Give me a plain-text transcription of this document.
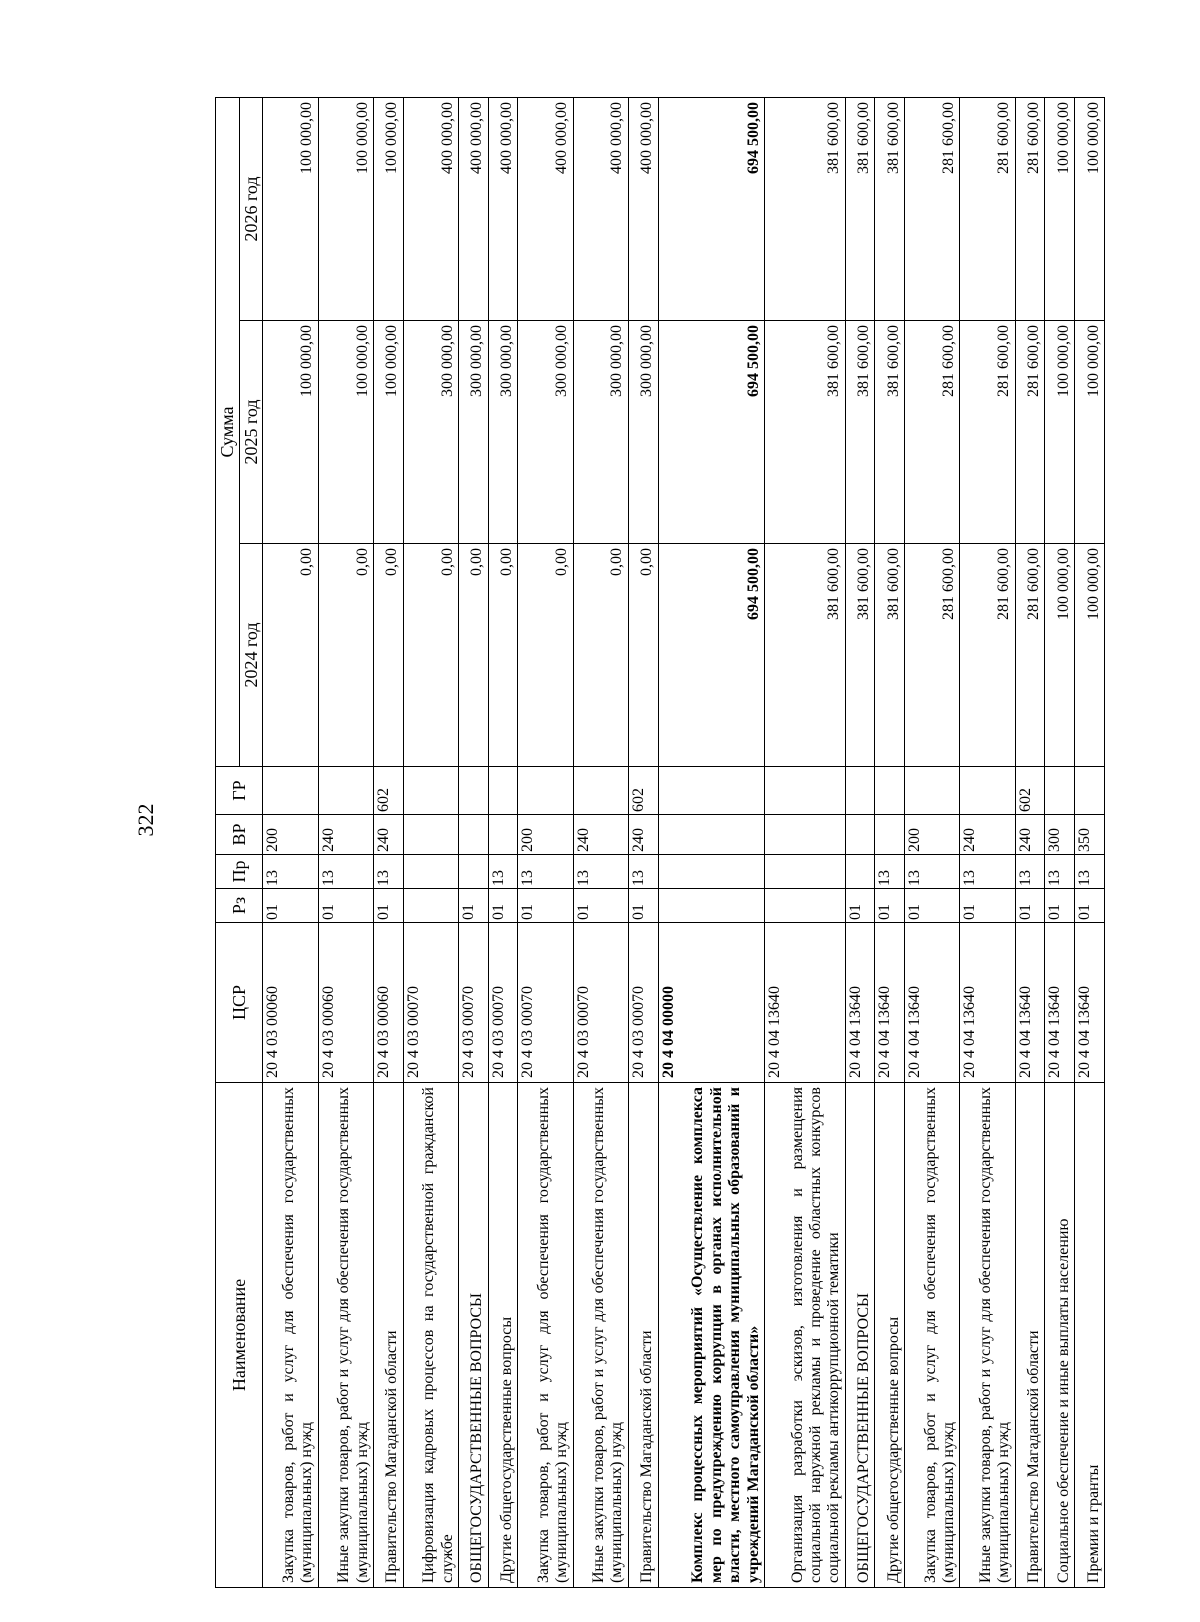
322
Наименование	ЦСР	Рз	Пр	ВР	ГР	Сумма		
						2024 год	2025 год	2026 год
Закупка товаров, работ и услуг для обеспечения государственных (муниципальных) нужд	20 4 03 00060	01	13	200		0,00	100 000,00	100 000,00
Иные закупки товаров, работ и услуг для обеспечения государственных (муниципальных) нужд	20 4 03 00060	01	13	240		0,00	100 000,00	100 000,00
Правительство Магаданской области	20 4 03 00060	01	13	240	602	0,00	100 000,00	100 000,00
Цифровизация кадровых процессов на государственной гражданской службе	20 4 03 00070					0,00	300 000,00	400 000,00
ОБЩЕГОСУДАРСТВЕННЫЕ ВОПРОСЫ	20 4 03 00070	01				0,00	300 000,00	400 000,00
Другие общегосударственные вопросы	20 4 03 00070	01	13			0,00	300 000,00	400 000,00
Закупка товаров, работ и услуг для обеспечения государственных (муниципальных) нужд	20 4 03 00070	01	13	200		0,00	300 000,00	400 000,00
Иные закупки товаров, работ и услуг для обеспечения государственных (муниципальных) нужд	20 4 03 00070	01	13	240		0,00	300 000,00	400 000,00
Правительство Магаданской области	20 4 03 00070	01	13	240	602	0,00	300 000,00	400 000,00
Комплекс процессных мероприятий «Осуществление комплекса мер по предупреждению коррупции в органах исполнительной власти, местного самоуправления муниципальных образований и учреждений Магаданской области»	20 4 04 00000					694 500,00	694 500,00	694 500,00
Организация разработки эскизов, изготовления и размещения социальной наружной рекламы и проведение областных конкурсов социальной рекламы антикоррупционной тематики	20 4 04 13640					381 600,00	381 600,00	381 600,00
ОБЩЕГОСУДАРСТВЕННЫЕ ВОПРОСЫ	20 4 04 13640	01				381 600,00	381 600,00	381 600,00
Другие общегосударственные вопросы	20 4 04 13640	01	13			381 600,00	381 600,00	381 600,00
Закупка товаров, работ и услуг для обеспечения государственных (муниципальных) нужд	20 4 04 13640	01	13	200		281 600,00	281 600,00	281 600,00
Иные закупки товаров, работ и услуг для обеспечения государственных (муниципальных) нужд	20 4 04 13640	01	13	240		281 600,00	281 600,00	281 600,00
Правительство Магаданской области	20 4 04 13640	01	13	240	602	281 600,00	281 600,00	281 600,00
Социальное обеспечение и иные выплаты населению	20 4 04 13640	01	13	300		100 000,00	100 000,00	100 000,00
Премии и гранты	20 4 04 13640	01	13	350		100 000,00	100 000,00	100 000,00
